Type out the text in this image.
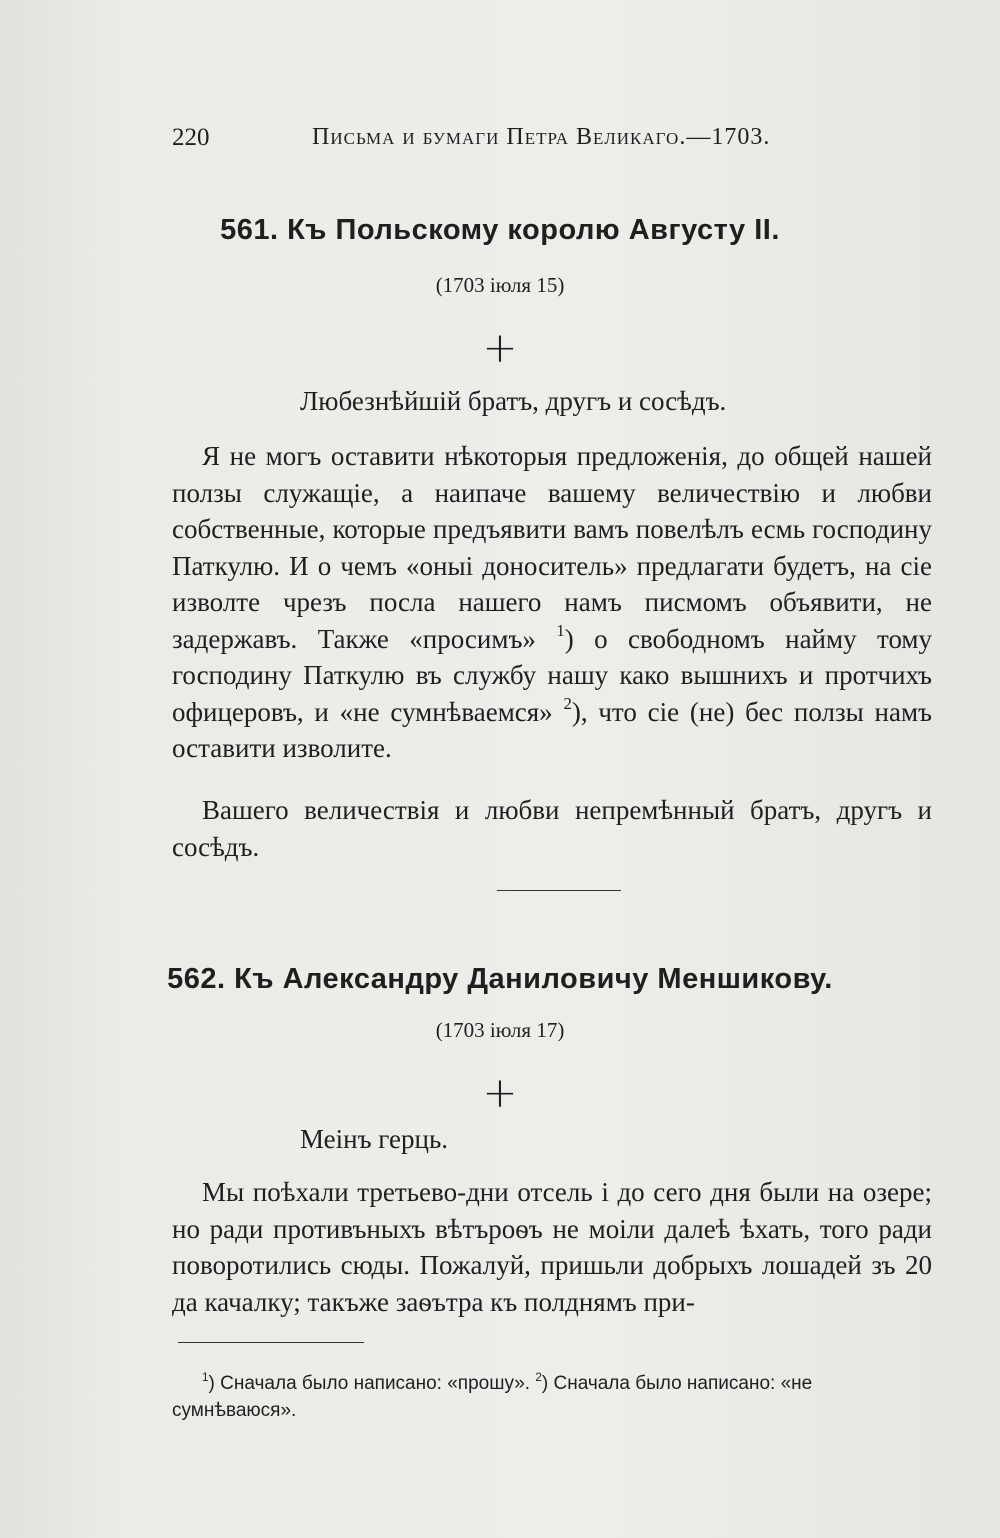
220	Письма и бумаги Петра Великаго.—1703.
561. Къ Польскому королю Августу II.
(1703 іюля 15)
+
Любезнѣйшій братъ, другъ и сосѣдъ.
Я не могъ оставити нѣкоторыя предложенія, до общей нашей ползы служащіе, а наипаче вашему величествію и любви собственные, которые предъявити вамъ повелѣлъ есмь господину Паткулю. И о чемъ «оныі доноситель» предлагати будетъ, на сіе изволте чрезъ посла нашего намъ писмомъ объявити, не задержавъ. Также «просимъ» $^1$) о свободномъ найму тому господину Паткулю въ службу нашу како вышнихъ и протчихъ офицеровъ, и «не сумнѣваемся» $^2$), что сіе (не) бес ползы намъ оставити изволите.
Вашего величествія и любви непремѣнный братъ, другъ и сосѣдъ.
562. Къ Александру Даниловичу Меншикову.
(1703 іюля 17)
+
Меінъ герць.
Мы поѣхали третьево-дни отсель і до сего дня были на озере; но ради противъныхъ вѣтъроѳъ не моіли далеѣ ѣхать, того ради поворотились сюды. Пожалуй, пришьли добрыхъ лошадей зъ 20 да качалку; такъже заѳътра къ полднямъ при-
$^1$) Сначала было написано: «прошу». $^2$) Сначала было написано: «не сумнѣваюся».
